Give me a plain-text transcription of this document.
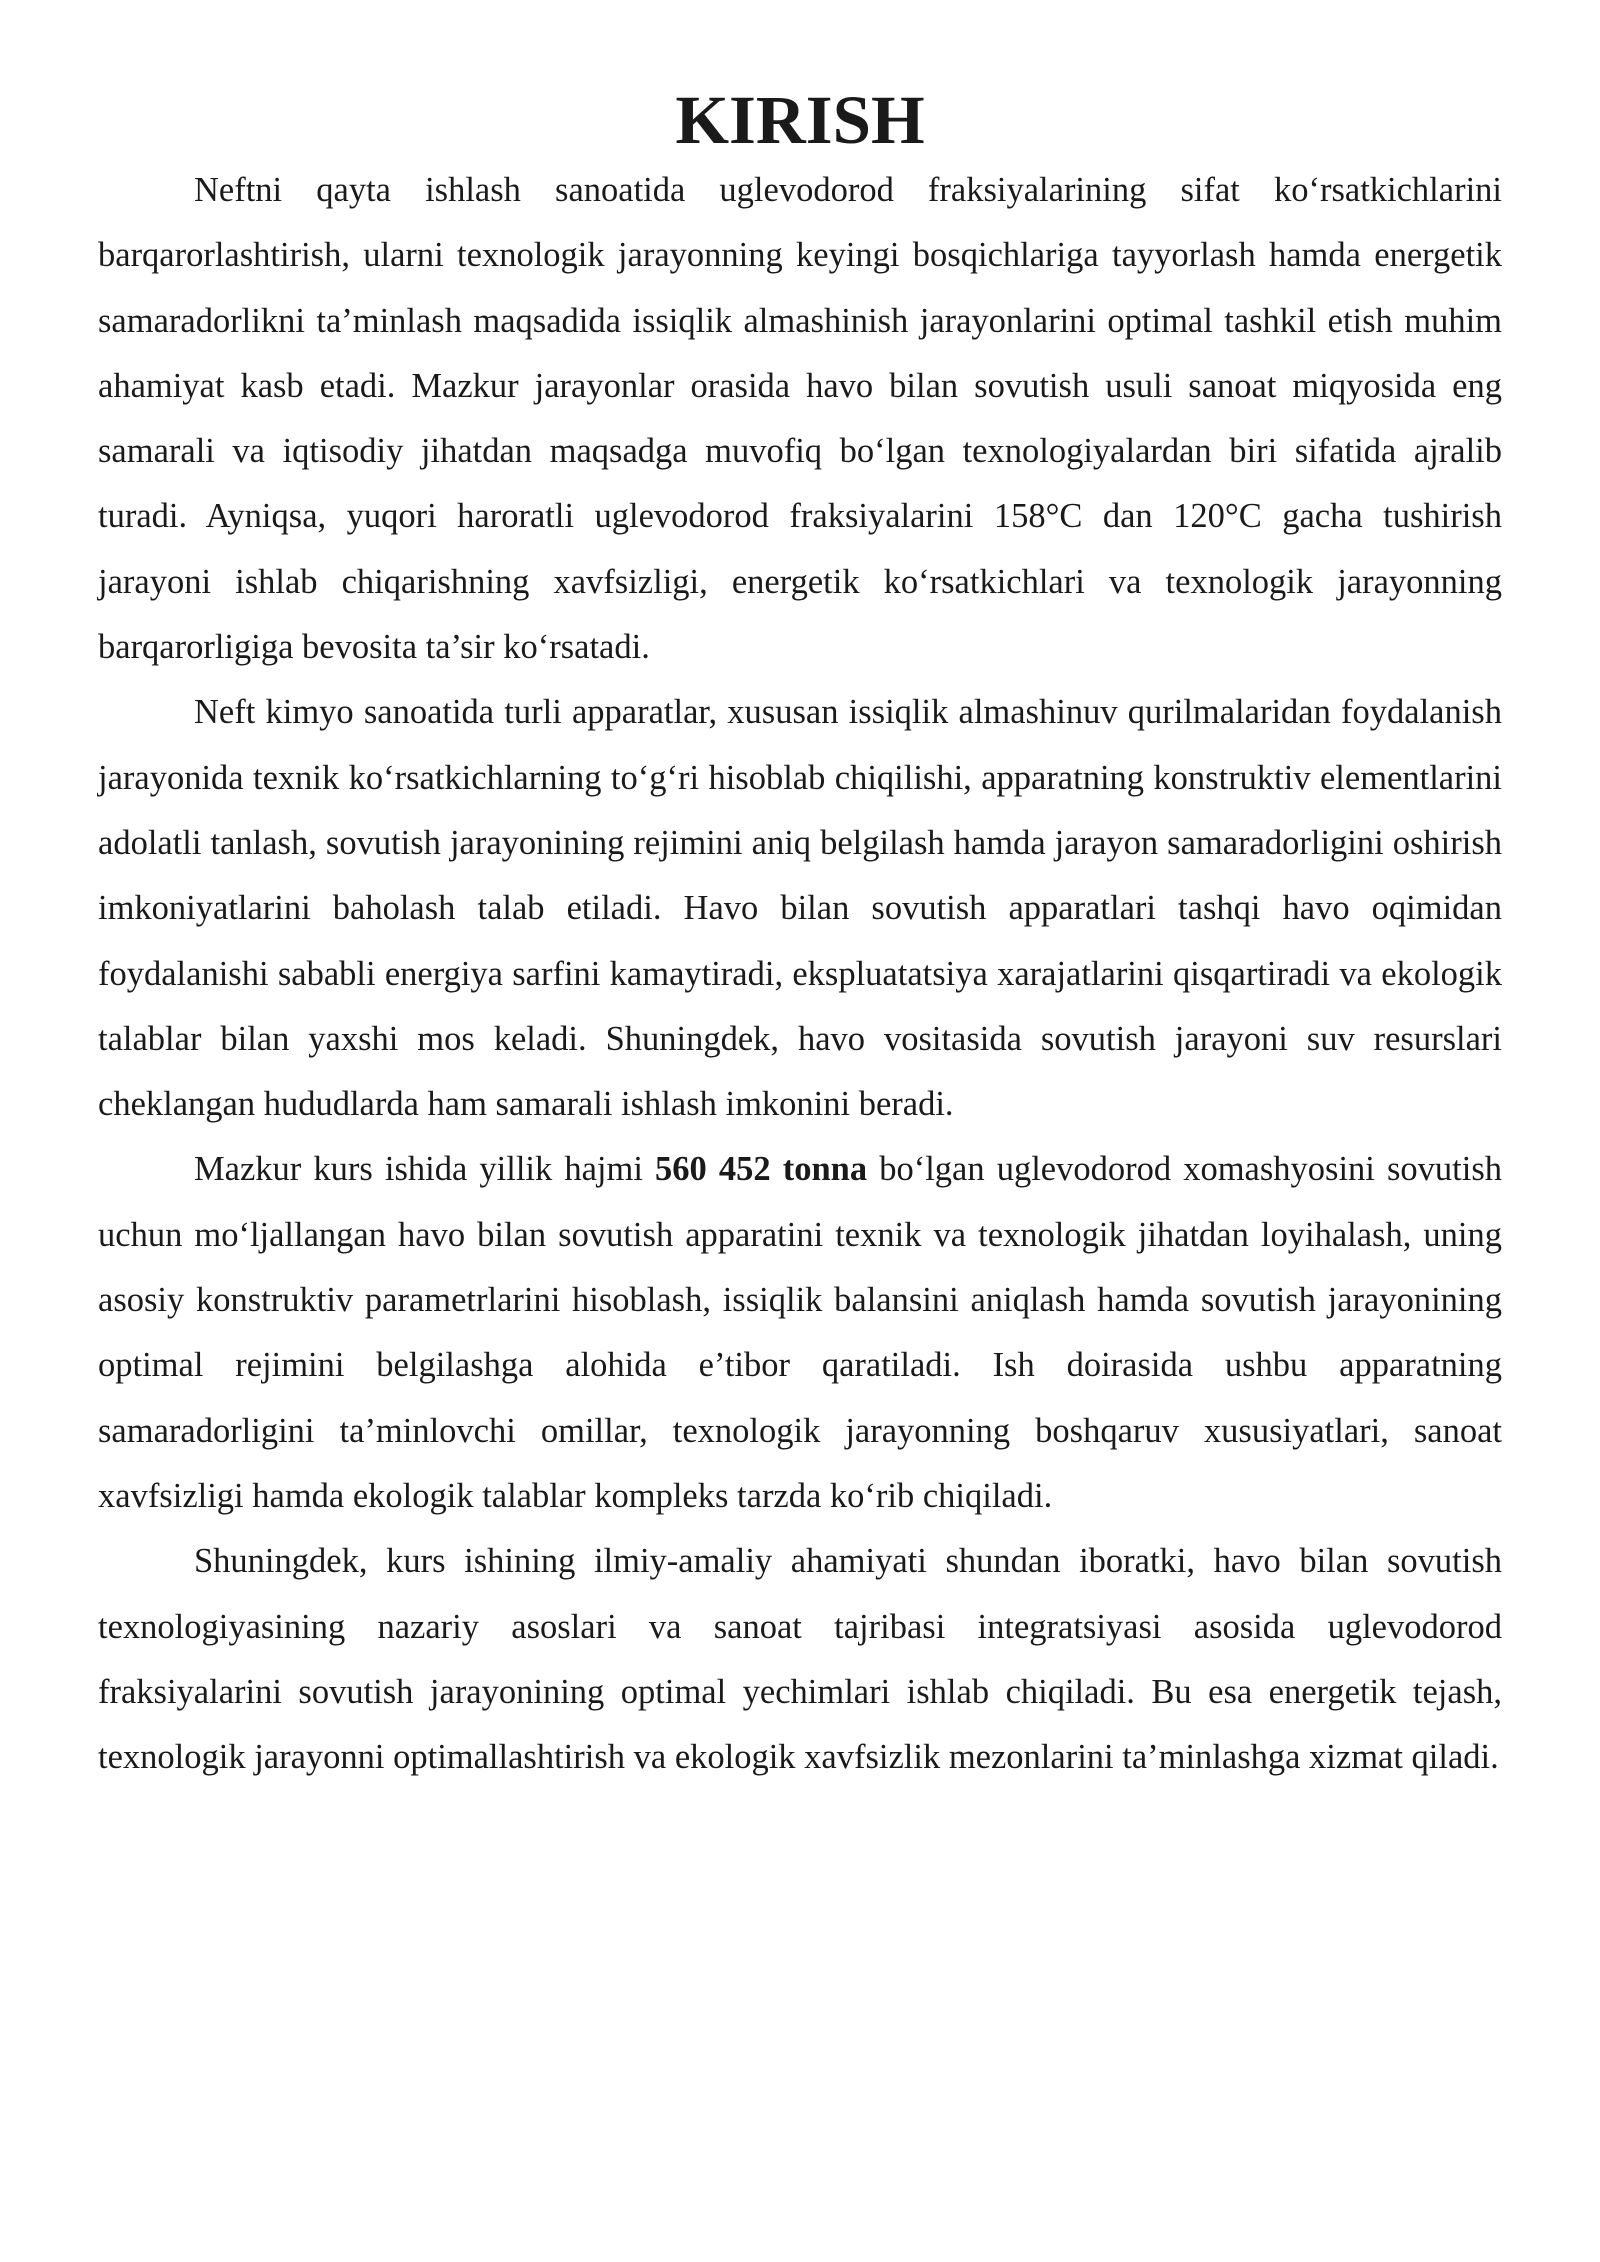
KIRISH

Neftni qayta ishlash sanoatida uglevodorod fraksiyalarining sifat ko‘rsatkichlarini barqarorlashtirish, ularni texnologik jarayonning keyingi bosqichlariga tayyorlash hamda energetik samaradorlikni ta’minlash maqsadida issiqlik almashinish jarayonlarini optimal tashkil etish muhim ahamiyat kasb etadi. Mazkur jarayonlar orasida havo bilan sovutish usuli sanoat miqyosida eng samarali va iqtisodiy jihatdan maqsadga muvofiq bo‘lgan texnologiyalardan biri sifatida ajralib turadi. Ayniqsa, yuqori haroratli uglevodorod fraksiyalarini 158°C dan 120°C gacha tushirish jarayoni ishlab chiqarishning xavfsizligi, energetik ko‘rsatkichlari va texnologik jarayonning barqarorligiga bevosita ta’sir ko‘rsatadi.

Neft kimyo sanoatida turli apparatlar, xususan issiqlik almashinuv qurilmalaridan foydalanish jarayonida texnik ko‘rsatkichlarning to‘g‘ri hisoblab chiqilishi, apparatning konstruktiv elementlarini adolatli tanlash, sovutish jarayonining rejimini aniq belgilash hamda jarayon samaradorligini oshirish imkoniyatlarini baholash talab etiladi. Havo bilan sovutish apparatlari tashqi havo oqimidan foydalanishi sababli energiya sarfini kamaytiradi, ekspluatatsiya xarajatlarini qisqartiradi va ekologik talablar bilan yaxshi mos keladi. Shuningdek, havo vositasida sovutish jarayoni suv resurslari cheklangan hududlarda ham samarali ishlash imkonini beradi.

Mazkur kurs ishida yillik hajmi 560 452 tonna bo‘lgan uglevodorod xomashyosini sovutish uchun mo‘ljallangan havo bilan sovutish apparatini texnik va texnologik jihatdan loyihalash, uning asosiy konstruktiv parametrlarini hisoblash, issiqlik balansini aniqlash hamda sovutish jarayonining optimal rejimini belgilashga alohida e’tibor qaratiladi. Ish doirasida ushbu apparatning samaradorligini ta’minlovchi omillar, texnologik jarayonning boshqaruv xususiyatlari, sanoat xavfsizligi hamda ekologik talablar kompleks tarzda ko‘rib chiqiladi.

Shuningdek, kurs ishining ilmiy-amaliy ahamiyati shundan iboratki, havo bilan sovutish texnologiyasining nazariy asoslari va sanoat tajribasi integratsiyasi asosida uglevodorod fraksiyalarini sovutish jarayonining optimal yechimlari ishlab chiqiladi. Bu esa energetik tejash, texnologik jarayonni optimallashtirish va ekologik xavfsizlik mezonlarini ta’minlashga xizmat qiladi.
